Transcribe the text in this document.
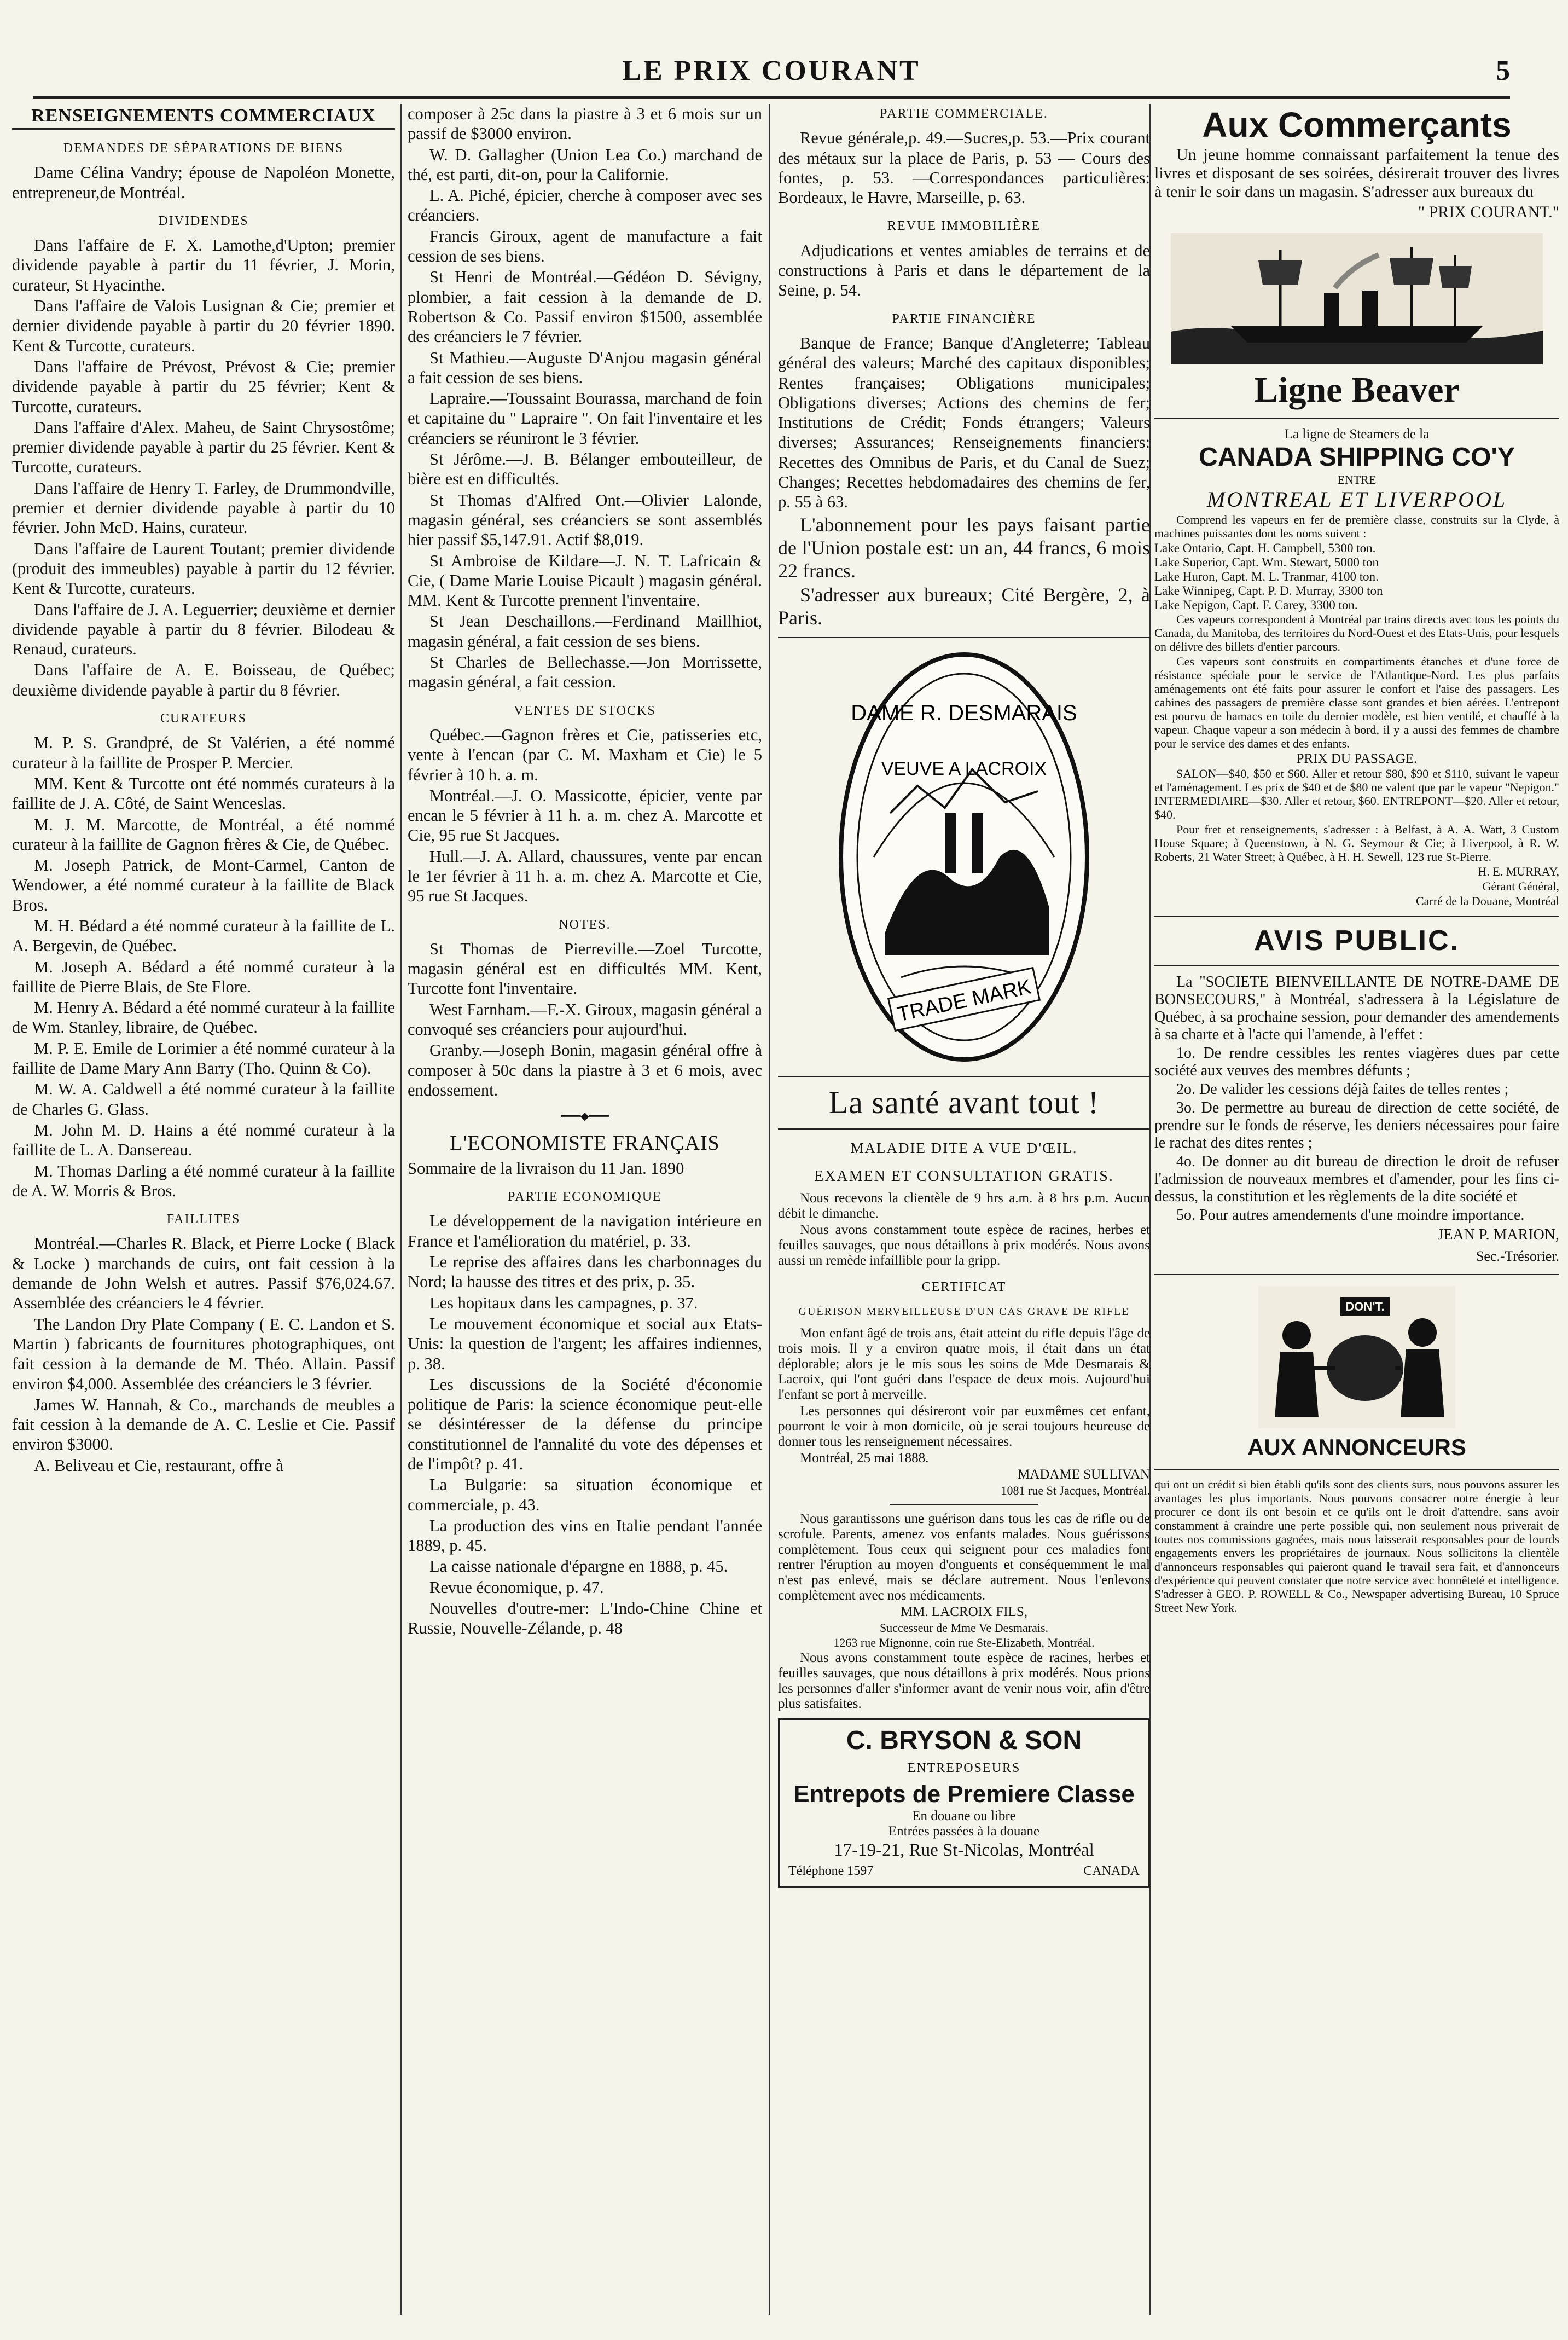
LE PRIX COURANT	5
RENSEIGNEMENTS COMMERCIAUX
DEMANDES DE SÉPARATIONS DE BIENS

Dame Célina Vandry; épouse de Napoléon Monette, entrepreneur,de Montréal.

DIVIDENDES

Dans l'affaire de F. X. Lamothe,d'Upton; premier dividende payable à partir du 11 février, J. Morin, curateur, St Hyacinthe.

Dans l'affaire de Valois Lusignan & Cie; premier et dernier dividende payable à partir du 20 février 1890. Kent & Turcotte, curateurs.

Dans l'affaire de Prévost, Prévost & Cie; premier dividende payable à partir du 25 février; Kent & Turcotte, curateurs.

Dans l'affaire d'Alex. Maheu, de Saint Chrysostôme; premier dividende payable à partir du 25 février. Kent & Turcotte, curateurs.

Dans l'affaire de Henry T. Farley, de Drummondville, premier et dernier dividende payable à partir du 10 février. John McD. Hains, curateur.

Dans l'affaire de Laurent Toutant; premier dividende (produit des immeubles) payable à partir du 12 février. Kent & Turcotte, curateurs.

Dans l'affaire de J. A. Leguerrier; deuxième et dernier dividende payable à partir du 8 février. Bilodeau & Renaud, curateurs.

Dans l'affaire de A. E. Boisseau, de Québec; deuxième dividende payable à partir du 8 février.

CURATEURS

M. P. S. Grandpré, de St Valérien, a été nommé curateur à la faillite de Prosper P. Mercier.

MM. Kent & Turcotte ont été nommés curateurs à la faillite de J. A. Côté, de Saint Wenceslas.

M. J. M. Marcotte, de Montréal, a été nommé curateur à la faillite de Gagnon frères & Cie, de Québec.

M. Joseph Patrick, de Mont-Carmel, Canton de Wendower, a été nommé curateur à la faillite de Black Bros.

M. H. Bédard a été nommé curateur à la faillite de L. A. Bergevin, de Québec.

M. Joseph A. Bédard a été nommé curateur à la faillite de Pierre Blais, de Ste Flore.

M. Henry A. Bédard a été nommé curateur à la faillite de Wm. Stanley, libraire, de Québec.

M. P. E. Emile de Lorimier a été nommé curateur à la faillite de Dame Mary Ann Barry (Tho. Quinn & Co).

M. W. A. Caldwell a été nommé curateur à la faillite de Charles G. Glass.

M. John M. D. Hains a été nommé curateur à la faillite de L. A. Dansereau.

M. Thomas Darling a été nommé curateur à la faillite de A. W. Morris & Bros.

FAILLITES

Montréal.—Charles R. Black, et Pierre Locke ( Black & Locke ) marchands de cuirs, ont fait cession à la demande de John Welsh et autres. Passif $76,024.67. Assemblée des créanciers le 4 février.

The Landon Dry Plate Company ( E. C. Landon et S. Martin ) fabricants de fournitures photographiques, ont fait cession à la demande de M. Théo. Allain. Passif environ $4,000. Assemblée des créanciers le 3 février.

James W. Hannah, & Co., marchands de meubles a fait cession à la demande de A. C. Leslie et Cie. Passif environ $3000.

A. Beliveau et Cie, restaurant, offre à

composer à 25c dans la piastre à 3 et 6 mois sur un passif de $3000 environ.

W. D. Gallagher (Union Lea Co.) marchand de thé, est parti, dit-on, pour la Californie.

L. A. Piché, épicier, cherche à composer avec ses créanciers.

Francis Giroux, agent de manufacture a fait cession de ses biens.

St Henri de Montréal.—Gédéon D. Sévigny, plombier, a fait cession à la demande de D. Robertson & Co. Passif environ $1500, assemblée des créanciers le 7 février.

St Mathieu.—Auguste D'Anjou magasin général a fait cession de ses biens.

Lapraire.—Toussaint Bourassa, marchand de foin et capitaine du " Lapraire ". On fait l'inventaire et les créanciers se réuniront le 3 février.

St Jérôme.—J. B. Bélanger embouteilleur, de bière est en difficultés.

St Thomas d'Alfred Ont.—Olivier Lalonde, magasin général, ses créanciers se sont assemblés hier passif $5,147.91. Actif $8,019.

St Ambroise de Kildare—J. N. T. Lafricain & Cie, ( Dame Marie Louise Picault ) magasin général. MM. Kent & Turcotte prennent l'inventaire.

St Jean Deschaillons.—Ferdinand Maillhiot, magasin général, a fait cession de ses biens.

St Charles de Bellechasse.—Jon Morrissette, magasin général, a fait cession.

VENTES DE STOCKS

Québec.—Gagnon frères et Cie, patisseries etc, vente à l'encan (par C. M. Maxham et Cie) le 5 février à 10 h. a. m.

Montréal.—J. O. Massicotte, épicier, vente par encan le 5 février à 11 h. a. m. chez A. Marcotte et Cie, 95 rue St Jacques.

Hull.—J. A. Allard, chaussures, vente par encan le 1er février à 11 h. a. m. chez A. Marcotte et Cie, 95 rue St Jacques.

NOTES.

St Thomas de Pierreville.—Zoel Turcotte, magasin général est en difficultés MM. Kent, Turcotte font l'inventaire.

West Farnham.—F.-X. Giroux, magasin général a convoqué ses créanciers pour aujourd'hui.

Granby.—Joseph Bonin, magasin général offre à composer à 50c dans la piastre à 3 et 6 mois, avec endossement.

━━━◆━━━
L'ECONOMISTE FRANÇAIS

Sommaire de la livraison du 11 Jan. 1890

PARTIE ECONOMIQUE

Le développement de la navigation intérieure en France et l'amélioration du matériel, p. 33.

Le reprise des affaires dans les charbonnages du Nord; la hausse des titres et des prix, p. 35.

Les hopitaux dans les campagnes, p. 37.

Le mouvement économique et social aux Etats-Unis: la question de l'argent; les affaires indiennes, p. 38.

Les discussions de la Société d'économie politique de Paris: la science économique peut-elle se désintéresser de la défense du principe constitutionnel de l'annalité du vote des dépenses et de l'impôt? p. 41.

La Bulgarie: sa situation économique et commerciale, p. 43.

La production des vins en Italie pendant l'année 1889, p. 45.

La caisse nationale d'épargne en 1888, p. 45.

Revue économique, p. 47.

Nouvelles d'outre-mer: L'Indo-Chine Chine et Russie, Nouvelle-Zélande, p. 48

PARTIE COMMERCIALE.

Revue générale,p. 49.—Sucres,p. 53.—Prix courant des métaux sur la place de Paris, p. 53 — Cours des fontes, p. 53. —Correspondances particulières: Bordeaux, le Havre, Marseille, p. 63.

REVUE IMMOBILIÈRE

Adjudications et ventes amiables de terrains et de constructions à Paris et dans le département de la Seine, p. 54.

PARTIE FINANCIÈRE

Banque de France; Banque d'Angleterre; Tableau général des valeurs; Marché des capitaux disponibles; Rentes françaises; Obligations municipales; Obligations diverses; Actions des chemins de fer; Institutions de Crédit; Fonds étrangers; Valeurs diverses; Assurances; Renseignements financiers: Recettes des Omnibus de Paris, et du Canal de Suez; Changes; Recettes hebdomadaires des chemins de fer, p. 55 à 63.

L'abonnement pour les pays faisant partie de l'Union postale est: un an, 44 francs, 6 mois 22 francs.

S'adresser aux bureaux; Cité Bergère, 2, à Paris.

DAME R. DESMARAIS
VEUVE A LACROIX
TRADE MARK
La santé avant tout !
MALADIE DITE A VUE D'ŒIL.
EXAMEN ET CONSULTATION GRATIS.

Nous recevons la clientèle de 9 hrs a.m. à 8 hrs p.m. Aucun débit le dimanche.

Nous avons constamment toute espèce de racines, herbes et feuilles sauvages, que nous détaillons à prix modérés. Nous avons aussi un remède infaillible pour la gripp.

CERTIFICAT
GUÉRISON MERVEILLEUSE D'UN CAS GRAVE DE RIFLE

Mon enfant âgé de trois ans, était atteint du rifle depuis l'âge de trois mois. Il y a environ quatre mois, il était dans un état déplorable; alors je le mis sous les soins de Mde Desmarais & Lacroix, qui l'ont guéri dans l'espace de deux mois. Aujourd'hui l'enfant se port à merveille.

Les personnes qui désireront voir par euxmêmes cet enfant, pourront le voir à mon domicile, où je serai toujours heureuse de donner tous les renseignement nécessaires.

Montréal, 25 mai 1888.

MADAME SULLIVAN

1081 rue St Jacques, Montréal.

Nous garantissons une guérison dans tous les cas de rifle ou de scrofule. Parents, amenez vos enfants malades. Nous guérissons complètement. Tous ceux qui seignent pour ces maladies font rentrer l'éruption au moyen d'onguents et conséquemment le mal n'est pas enlevé, mais se déclare autrement. Nous l'enlevons complètement avec nos médicaments.

MM. LACROIX FILS,

Successeur de Mme Ve Desmarais.

1263 rue Mignonne, coin rue Ste-Elizabeth, Montréal.

Nous avons constamment toute espèce de racines, herbes et feuilles sauvages, que nous détaillons à prix modérés. Nous prions les personnes d'aller s'informer avant de venir nous voir, afin d'être plus satisfaites.

C. BRYSON & SON
ENTREPOSEURS
Entrepots de Premiere Classe
En douane ou libre
Entrées passées à la douane
17-19-21, Rue St-Nicolas, Montréal
Téléphone 1597	CANADA
Aux Commerçants

Un jeune homme connaissant parfaitement la tenue des livres et disposant de ses soirées, désirerait trouver des livres à tenir le soir dans un magasin. S'adresser aux bureaux du

" PRIX COURANT."

Ligne Beaver
La ligne de Steamers de la
CANADA SHIPPING CO'Y
ENTRE
MONTREAL ET LIVERPOOL

Comprend les vapeurs en fer de première classe, construits sur la Clyde, à machines puissantes dont les noms suivent :

Lake Ontario, Capt. H. Campbell, 5300 ton.
Lake Superior, Capt. Wm. Stewart, 5000 ton
Lake Huron, Capt. M. L. Tranmar, 4100 ton.
Lake Winnipeg, Capt. P. D. Murray, 3300 ton
Lake Nepigon, Capt. F. Carey, 3300 ton.

Ces vapeurs correspondent à Montréal par trains directs avec tous les points du Canada, du Manitoba, des territoires du Nord-Ouest et des Etats-Unis, pour lesquels on délivre des billets d'entier parcours.

Ces vapeurs sont construits en compartiments étanches et d'une force de résistance spéciale pour le service de l'Atlantique-Nord. Les plus parfaits aménagements ont été faits pour assurer le confort et l'aise des passagers. Les cabines des passagers de première classe sont grandes et bien aérées. L'entrepont est pourvu de hamacs en toile du dernier modèle, est bien ventilé, et chauffé à la vapeur. Chaque vapeur a son médecin à bord, il y a aussi des femmes de chambre pour le service des dames et des enfants.

PRIX DU PASSAGE.

SALON—$40, $50 et $60. Aller et retour $80, $90 et $110, suivant le vapeur et l'aménagement. Les prix de $40 et de $80 ne valent que par le vapeur "Nepigon." INTERMEDIAIRE—$30. Aller et retour, $60. ENTREPONT—$20. Aller et retour, $40.

Pour fret et renseignements, s'adresser : à Belfast, à A. A. Watt, 3 Custom House Square; à Queenstown, à N. G. Seymour & Cie; à Liverpool, à R. W. Roberts, 21 Water Street; à Québec, à H. H. Sewell, 123 rue St-Pierre.

H. E. MURRAY,

Gérant Général,

Carré de la Douane, Montréal

AVIS PUBLIC.

La "SOCIETE BIENVEILLANTE DE NOTRE-DAME DE BONSECOURS," à Montréal, s'adressera à la Législature de Québec, à sa prochaine session, pour demander des amendements à sa charte et à l'acte qui l'amende, à l'effet :

1o. De rendre cessibles les rentes viagères dues par cette société aux veuves des membres défunts ;

2o. De valider les cessions déjà faites de telles rentes ;

3o. De permettre au bureau de direction de cette société, de prendre sur le fonds de réserve, les deniers nécessaires pour faire le rachat des dites rentes ;

4o. De donner au dit bureau de direction le droit de refuser l'admission de nouveaux membres et d'amender, pour les fins ci-dessus, la constitution et les règlements de la dite société et

5o. Pour autres amendements d'une moindre importance.

JEAN P. MARION,

Sec.-Trésorier.

DON'T.
AUX ANNONCEURS

qui ont un crédit si bien établi qu'ils sont des clients surs, nous pouvons assurer les avantages les plus importants. Nous pouvons consacrer notre énergie à leur procurer ce dont ils ont besoin et ce qu'ils ont le droit d'attendre, sans avoir constamment à craindre une perte possible qui, non seulement nous priverait de toutes nos commissions gagnées, mais nous laisserait responsables pour de lourds engagements envers les propriétaires de journaux. Nous sollicitons la clientèle d'annonceurs responsables qui paieront quand le travail sera fait, et d'annonceurs d'expérience qui peuvent constater que notre service avec honnêteté et intelligence. S'adresser à GEO. P. ROWELL & Co., Newspaper advertising Bureau, 10 Spruce Street New York.
